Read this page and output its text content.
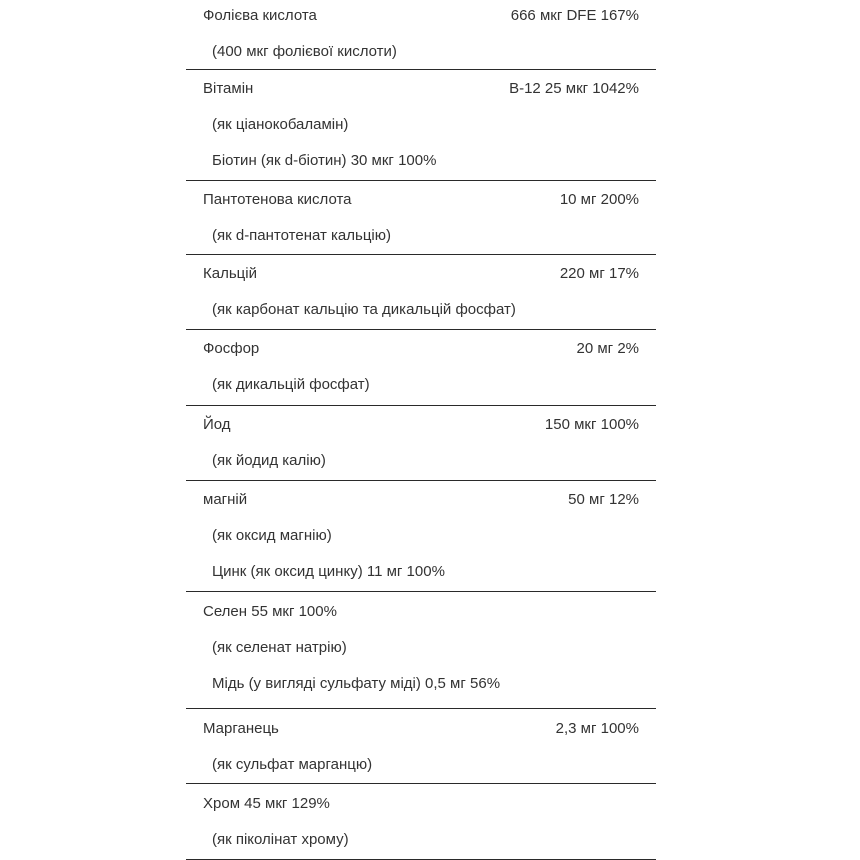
Фолієва кислота	666 мкг DFE 167%
(400 мкг фолієвої кислоти)
Вітамін	B-12 25 мкг 1042%
(як ціанокобаламін)
Біотин (як d-біотин) 30 мкг 100%
Пантотенова кислота	10 мг 200%
(як d-пантотенат кальцію)
Кальцій	220 мг 17%
(як карбонат кальцію та дикальцій фосфат)
Фосфор	20 мг 2%
(як дикальцій фосфат)
Йод	150 мкг 100%
(як йодид калію)
магній	50 мг 12%
(як оксид магнію)
Цинк (як оксид цинку) 11 мг 100%
Селен 55 мкг 100%
(як селенат натрію)
Мідь (у вигляді сульфату міді) 0,5 мг 56%
Марганець	2,3 мг 100%
(як сульфат марганцю)
Хром 45 мкг 129%
(як піколінат хрому)
